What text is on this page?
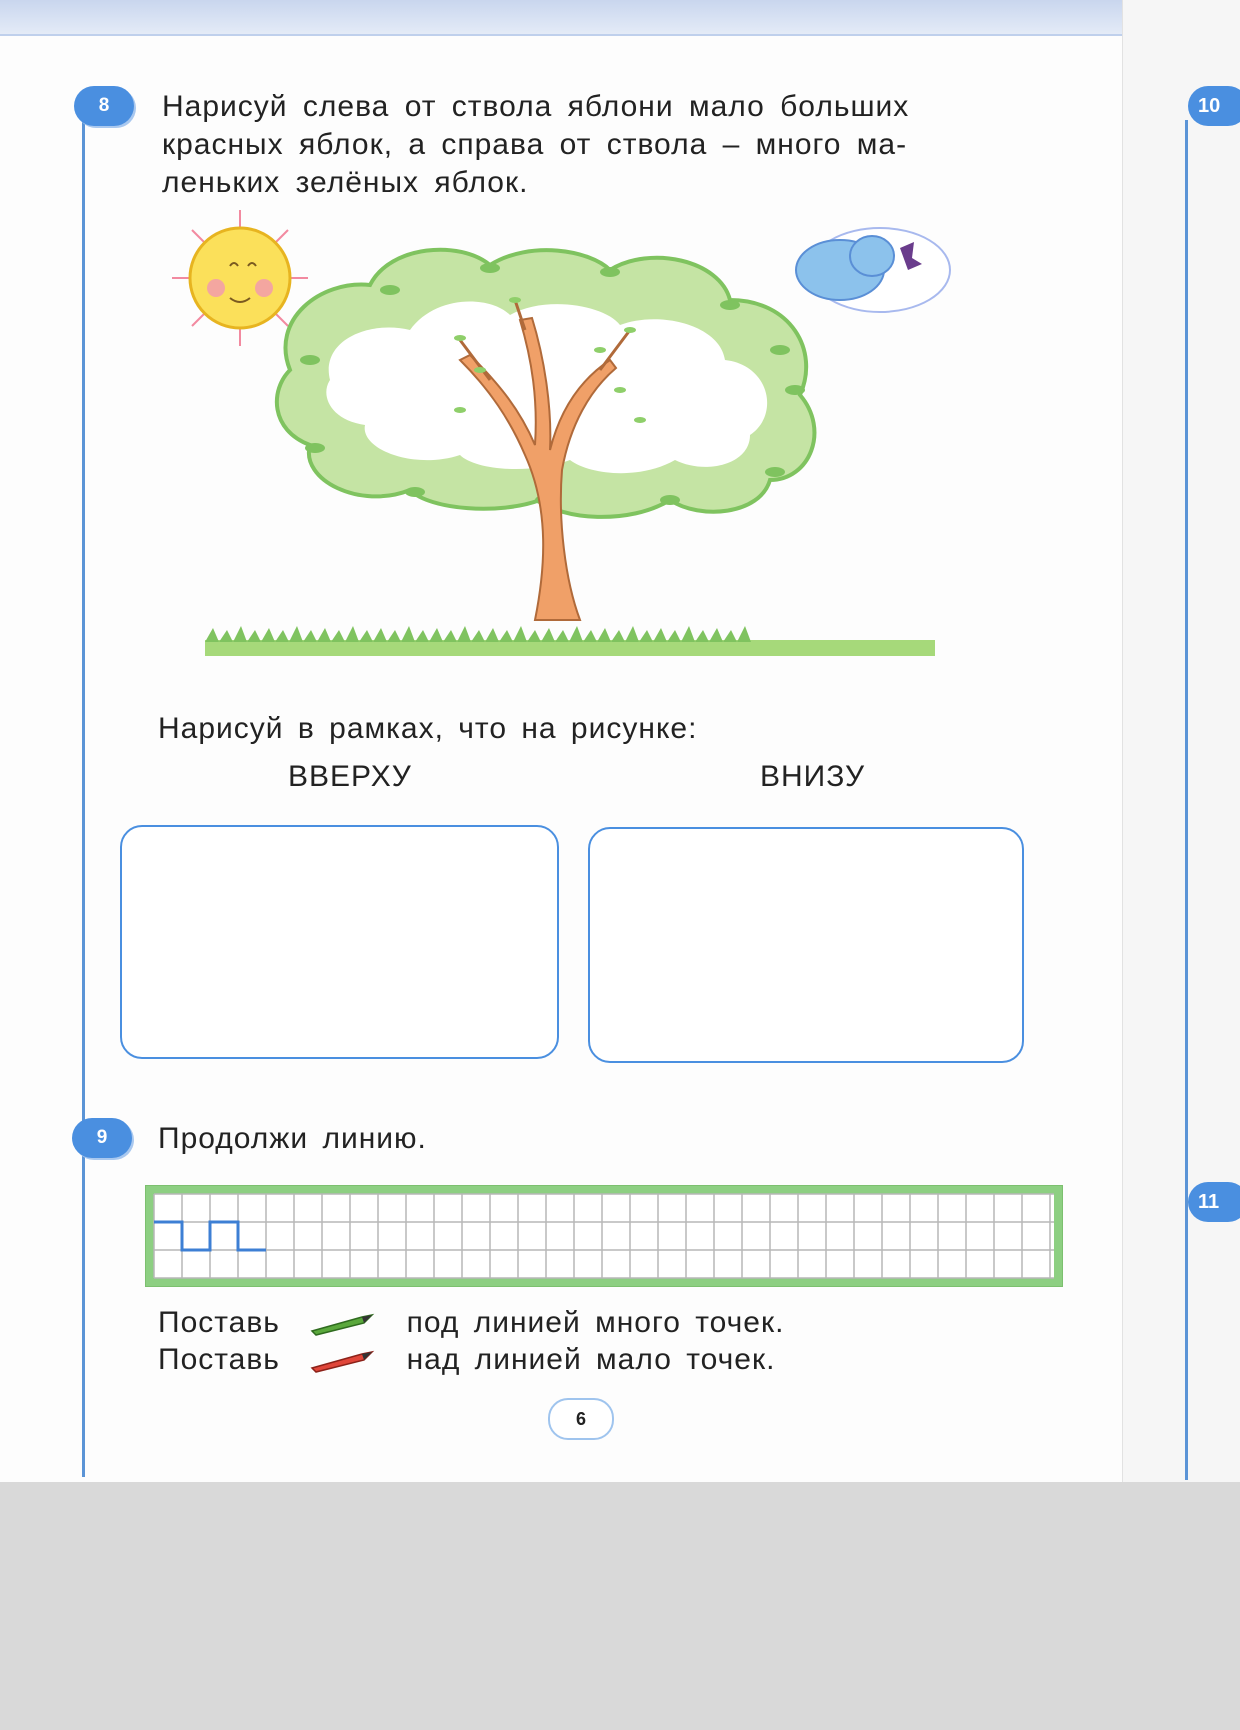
8	Нарисуй слева от ствола яблони мало больших
красных яблок, а справа от ствола – много ма-
леньких зелёных яблок.
Нарисуй в рамках, что на рисунке:
ВВЕРХУ	ВНИЗУ
9	Продолжи линию.
Поставь	под линией много точек.
Поставь	над линией мало точек.
6
10
11
